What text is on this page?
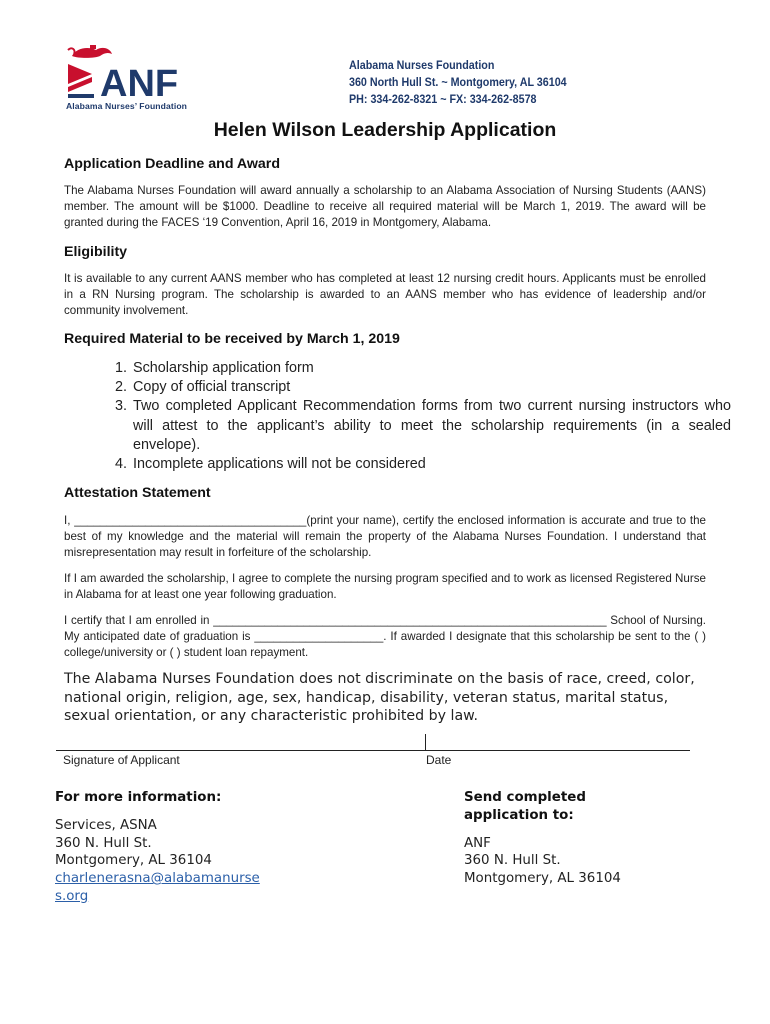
ANF
Alabama Nurses’ Foundation
Alabama Nurses Foundation
360 North Hull St. ~ Montgomery, AL 36104
PH: 334-262-8321 ~ FX: 334-262-8578
Helen Wilson Leadership Application
Application Deadline and Award
The Alabama Nurses Foundation will award annually a scholarship to an Alabama Association of Nursing Students (AANS) member. The amount will be $1000. Deadline to receive all required material will be March 1, 2019. The award will be granted during the FACES ‘19 Convention, April 16, 2019 in Montgomery, Alabama.
Eligibility
It is available to any current AANS member who has completed at least 12 nursing credit hours. Applicants must be enrolled in a RN Nursing program. The scholarship is awarded to an AANS member who has evidence of leadership and/or community involvement.
Required Material to be received by March 1, 2019
1. Scholarship application form
2. Copy of official transcript
3. Two completed Applicant Recommendation forms from two current nursing instructors who will attest to the applicant’s ability to meet the scholarship requirements (in a sealed envelope).
4. Incomplete applications will not be considered
Attestation Statement
I, ____________________________________(print your name), certify the enclosed information is accurate and true to the best of my knowledge and the material will remain the property of the Alabama Nurses Foundation. I understand that misrepresentation may result in forfeiture of the scholarship.
If I am awarded the scholarship, I agree to complete the nursing program specified and to work as licensed Registered Nurse in Alabama for at least one year following graduation.
I certify that I am enrolled in _____________________________________________________________ School of Nursing. My anticipated date of graduation is ____________________. If awarded I designate that this scholarship be sent to the ( ) college/university or ( ) student loan repayment.
The Alabama Nurses Foundation does not discriminate on the basis of race, creed, color, national origin, religion, age, sex, handicap, disability, veteran status, marital status, sexual orientation, or any characteristic prohibited by law.
Signature of Applicant	Date
For more information:
Services, ASNA
360 N. Hull St.
Montgomery, AL 36104
charlenerasna@alabamanurse
s.org
Send completed
application to:
ANF
360 N. Hull St.
Montgomery, AL 36104
